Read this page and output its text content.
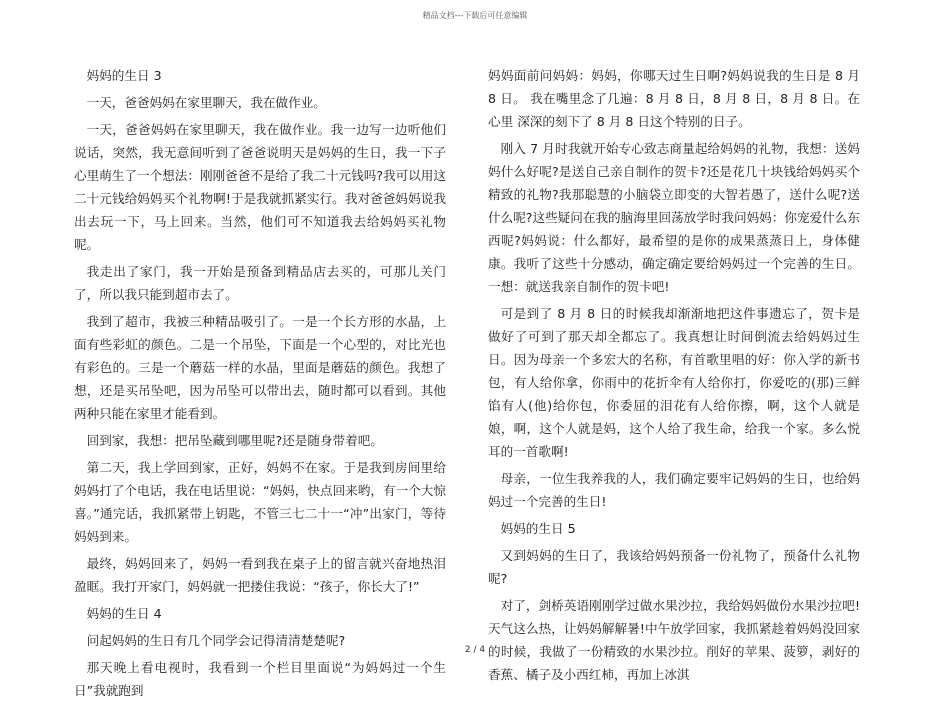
精品文档---下载后可任意编辑

妈妈的生日 3

一天，爸爸妈妈在家里聊天，我在做作业。

一天，爸爸妈妈在家里聊天，我在做作业。我一边写一边听他们说话，突然，我无意间听到了爸爸说明天是妈妈的生日，我一下子心里萌生了一个想法：刚刚爸爸不是给了我二十元钱吗?我可以用这二十元钱给妈妈买个礼物啊!于是我就抓紧实行。我对爸爸妈妈说我出去玩一下，马上回来。当然，他们可不知道我去给妈妈买礼物呢。

我走出了家门，我一开始是预备到精品店去买的，可那儿关门了，所以我只能到超市去了。

我到了超市，我被三种精品吸引了。一是一个长方形的水晶，上面有些彩虹的颜色。二是一个吊坠，下面是一个心型的，对比光也有彩色的。三是一个蘑菇一样的水晶，里面是蘑菇的颜色。我想了想，还是买吊坠吧，因为吊坠可以带出去，随时都可以看到。其他两种只能在家里才能看到。

回到家，我想：把吊坠藏到哪里呢?还是随身带着吧。

第二天，我上学回到家，正好，妈妈不在家。于是我到房间里给妈妈打了个电话，我在电话里说：“妈妈，快点回来哟，有一个大惊喜。”通完话，我抓紧带上钥匙，不管三七二十一“冲”出家门，等待妈妈到来。

最终，妈妈回来了，妈妈一看到我在桌子上的留言就兴奋地热泪盈眶。我打开家门，妈妈就一把搂住我说：“孩子，你长大了!”

妈妈的生日 4

问起妈妈的生日有几个同学会记得清清楚楚呢?

那天晚上看电视时，我看到一个栏目里面说“为妈妈过一个生日”我就跑到

妈妈面前问妈妈：妈妈，你哪天过生日啊?妈妈说我的生日是 8 月 8 日。 我在嘴里念了几遍：8 月 8 日，8 月 8 日，8 月 8 日。在心里 深深的刻下了 8 月 8 日这个特别的日子。

刚入 7 月时我就开始专心致志商量起给妈妈的礼物，我想：送妈妈什么好呢?是送自己亲自制作的贺卡?还是花几十块钱给妈妈买个精致的礼物?我那聪慧的小脑袋立即变的大智若愚了，送什么呢?送什么呢?这些疑问在我的脑海里回荡放学时我问妈妈：你宠爱什么东西呢?妈妈说：什么都好，最希望的是你的成果蒸蒸日上，身体健康。我听了这些十分感动，确定确定要给妈妈过一个完善的生日。一想：就送我亲自制作的贺卡吧!

可是到了 8 月 8 日的时候我却渐渐地把这件事遗忘了，贺卡是做好了可到了那天却全都忘了。我真想让时间倒流去给妈妈过生日。因为母亲一个多宏大的名称，有首歌里唱的好：你入学的新书包，有人给你拿，你雨中的花折伞有人给你打，你爱吃的(那)三鲜馅有人(他)给你包，你委屈的泪花有人给你擦，啊，这个人就是娘，啊，这个人就是妈，这个人给了我生命，给我一个家。多么悦耳的一首歌啊!

母亲，一位生我养我的人，我们确定要牢记妈妈的生日，也给妈妈过一个完善的生日!

妈妈的生日 5

又到妈妈的生日了，我该给妈妈预备一份礼物了，预备什么礼物呢?

对了，剑桥英语刚刚学过做水果沙拉，我给妈妈做份水果沙拉吧!天气这么热，让妈妈解解暑!中午放学回家，我抓紧趁着妈妈没回家的时候，我做了一份精致的水果沙拉。削好的苹果、菠箩，剥好的香蕉、橘子及小西红柿，再加上冰淇

2 / 4
